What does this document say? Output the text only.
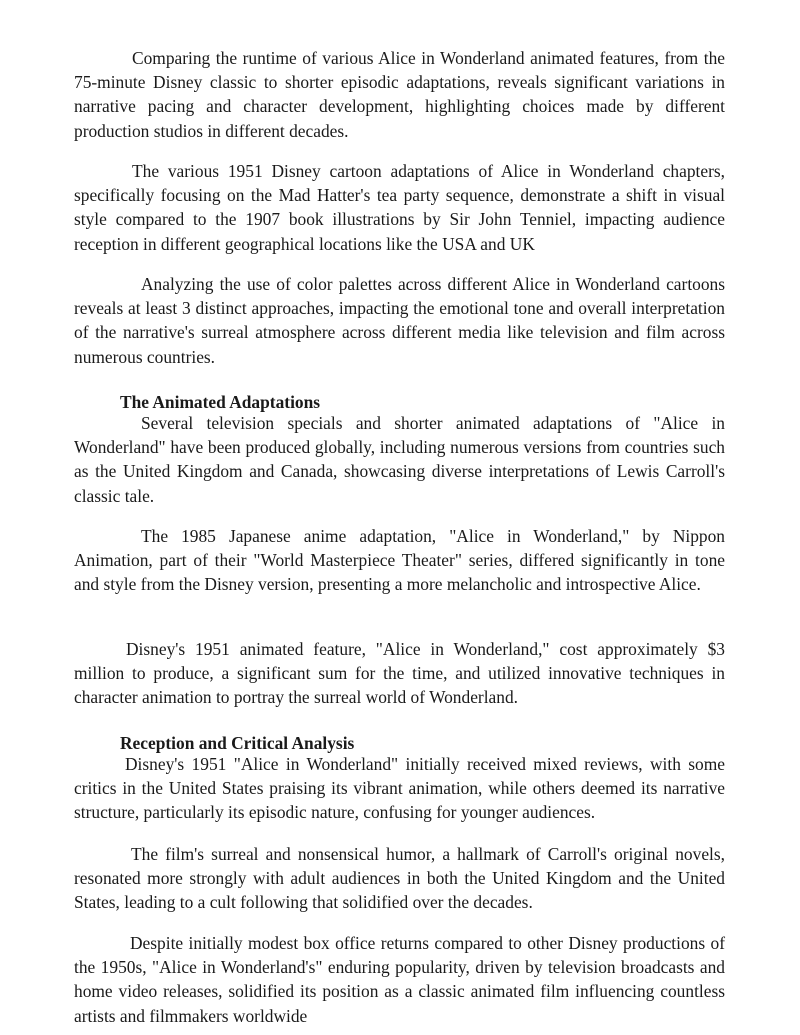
Comparing the runtime of various Alice in Wonderland animated features, from the 75-minute Disney classic to shorter episodic adaptations, reveals significant variations in narrative pacing and character development, highlighting choices made by different production studios in different decades.

The various 1951 Disney cartoon adaptations of Alice in Wonderland chapters, specifically focusing on the Mad Hatter's tea party sequence, demonstrate a shift in visual style compared to the 1907 book illustrations by Sir John Tenniel, impacting audience reception in different geographical locations like the USA and UK

Analyzing the use of color palettes across different Alice in Wonderland cartoons reveals at least 3 distinct approaches, impacting the emotional tone and overall interpretation of the narrative's surreal atmosphere across different media like television and film across numerous countries.

The Animated Adaptations

Several television specials and shorter animated adaptations of "Alice in Wonderland" have been produced globally, including numerous versions from countries such as the United Kingdom and Canada, showcasing diverse interpretations of Lewis Carroll's classic tale.

The 1985 Japanese anime adaptation, "Alice in Wonderland," by Nippon Animation, part of their "World Masterpiece Theater" series, differed significantly in tone and style from the Disney version, presenting a more melancholic and introspective Alice.

Disney's 1951 animated feature, "Alice in Wonderland," cost approximately $3 million to produce, a significant sum for the time, and utilized innovative techniques in character animation to portray the surreal world of Wonderland.

Reception and Critical Analysis

Disney's 1951 "Alice in Wonderland" initially received mixed reviews, with some critics in the United States praising its vibrant animation, while others deemed its narrative structure, particularly its episodic nature, confusing for younger audiences.

The film's surreal and nonsensical humor, a hallmark of Carroll's original novels, resonated more strongly with adult audiences in both the United Kingdom and the United States, leading to a cult following that solidified over the decades.

Despite initially modest box office returns compared to other Disney productions of the 1950s, "Alice in Wonderland's" enduring popularity, driven by television broadcasts and home video releases, solidified its position as a classic animated film influencing countless artists and filmmakers worldwide
